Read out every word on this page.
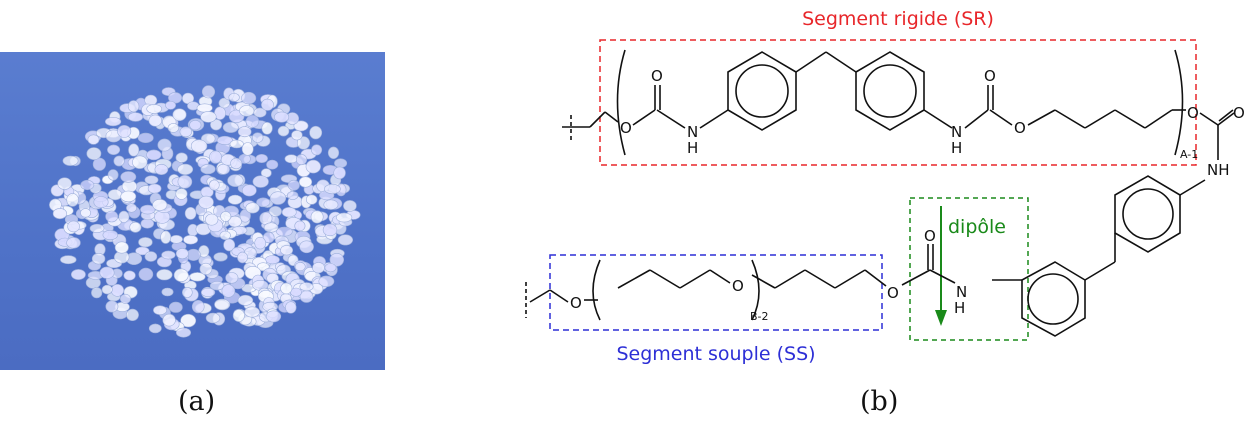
(a)
Segment rigide (SR)
Segment souple (SS)
dipôle
O
O
N
H
N
H
O
O
A-1
O O
NH
N
H
O
O
B-2
O
O
(b)
